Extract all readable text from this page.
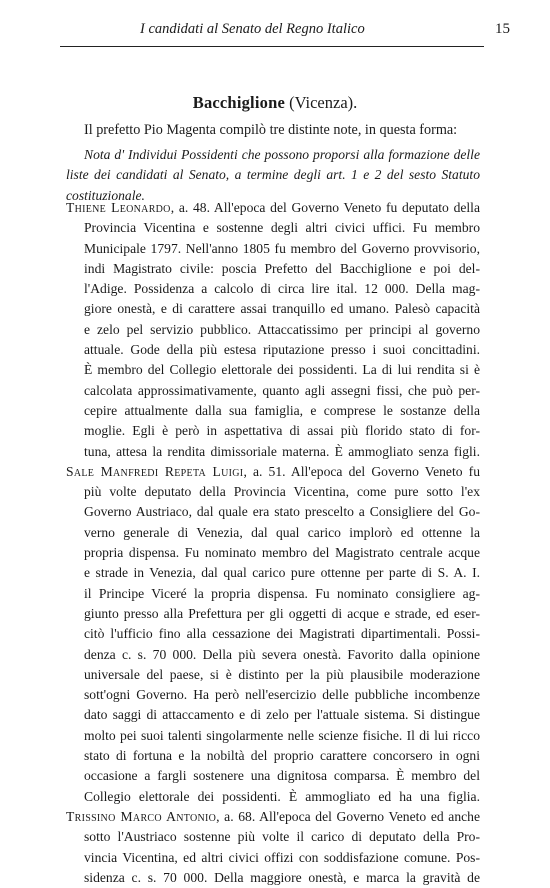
I candidati al Senato del Regno Italico	15
Bacchiglione (Vicenza).
Il prefetto Pio Magenta compilò tre distinte note, in questa forma:
Nota d' Individui Possidenti che possono proporsi alla formazione delle
liste dei candidati al Senato, a termine degli art. 1 e 2 del sesto Statuto
costituzionale.
Thiene Leonardo, a. 48. All'epoca del Governo Veneto fu deputato della
Provincia Vicentina e sostenne degli altri civici uffici. Fu membro
Municipale 1797. Nell'anno 1805 fu membro del Governo provvisorio,
indi Magistrato civile: poscia Prefetto del Bacchiglione e poi del-
l'Adige. Possidenza a calcolo di circa lire ital. 12 000. Della mag-
giore onestà, e di carattere assai tranquillo ed umano. Palesò capacità
e zelo pel servizio pubblico. Attaccatissimo per principi al governo
attuale. Gode della più estesa riputazione presso i suoi concittadini.
È membro del Collegio elettorale dei possidenti. La di lui rendita si è
calcolata approssimativamente, quanto agli assegni fissi, che può per-
cepire attualmente dalla sua famiglia, e comprese le sostanze della
moglie. Egli è però in aspettativa di assai più florido stato di for-
tuna, attesa la rendita dimissoriale materna. È ammogliato senza figli.
Sale Manfredi Repeta Luigi, a. 51. All'epoca del Governo Veneto fu
più volte deputato della Provincia Vicentina, come pure sotto l'ex
Governo Austriaco, dal quale era stato prescelto a Consigliere del Go-
verno generale di Venezia, dal qual carico implorò ed ottenne la
propria dispensa. Fu nominato membro del Magistrato centrale acque
e strade in Venezia, dal qual carico pure ottenne per parte di S. A. I.
il Principe Viceré la propria dispensa. Fu nominato consigliere ag-
giunto presso alla Prefettura per gli oggetti di acque e strade, ed eser-
citò l'ufficio fino alla cessazione dei Magistrati dipartimentali. Possi-
denza c. s. 70 000. Della più severa onestà. Favorito dalla opinione
universale del paese, si è distinto per la più plausibile moderazione
sott'ogni Governo. Ha però nell'esercizio delle pubbliche incombenze
dato saggi di attaccamento e di zelo per l'attuale sistema. Si distingue
molto pei suoi talenti singolarmente nelle scienze fisiche. Il di lui ricco
stato di fortuna e la nobiltà del proprio carattere concorsero in ogni
occasione a fargli sostenere una dignitosa comparsa. È membro del
Collegio elettorale dei possidenti. È ammogliato ed ha una figlia.
Trissino Marco Antonio, a. 68. All'epoca del Governo Veneto ed anche
sotto l'Austriaco sostenne più volte il carico di deputato della Pro-
vincia Vicentina, ed altri civici offizi con soddisfazione comune. Pos-
sidenza c. s. 70 000. Della maggiore onestà, e marca la gravità de
